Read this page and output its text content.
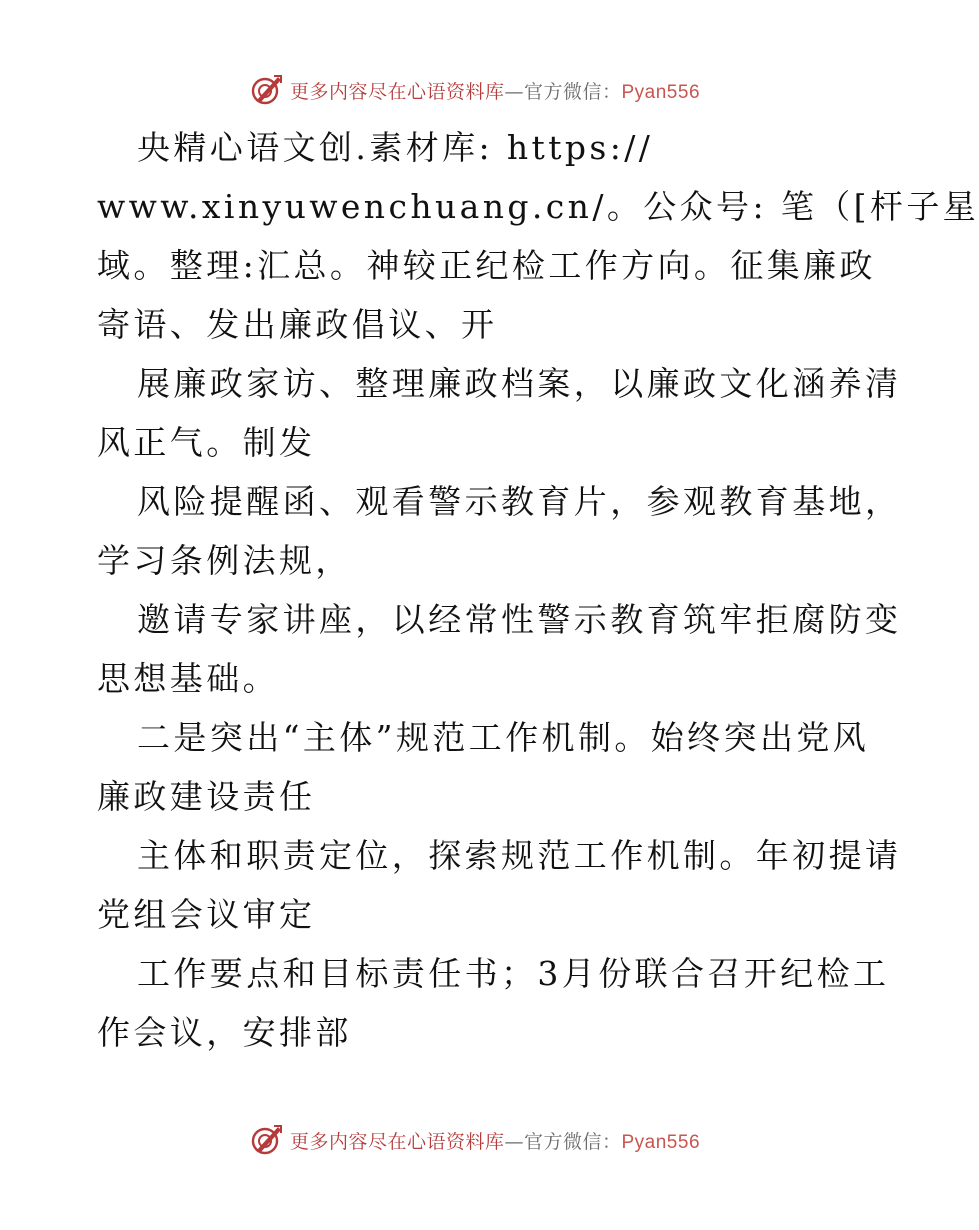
更多内容尽在心语资料库—官方微信：Pyan556
央精心语文创.素材库: https://
www.xinyuwenchuang.cn/。公众号: 笔（[杆子星
域。整理:汇总。神较正纪检工作方向。征集廉政
寄语、发出廉政倡议、开
展廉政家访、整理廉政档案，以廉政文化涵养清
风正气。制发
风险提醒函、观看警示教育片，参观教育基地，
学习条例法规，
邀请专家讲座，以经常性警示教育筑牢拒腐防变
思想基础。
二是突出“主体”规范工作机制。始终突出党风
廉政建设责任
主体和职责定位，探索规范工作机制。年初提请
党组会议审定
工作要点和目标责任书；3月份联合召开纪检工
作会议，安排部
更多内容尽在心语资料库—官方微信：Pyan556
